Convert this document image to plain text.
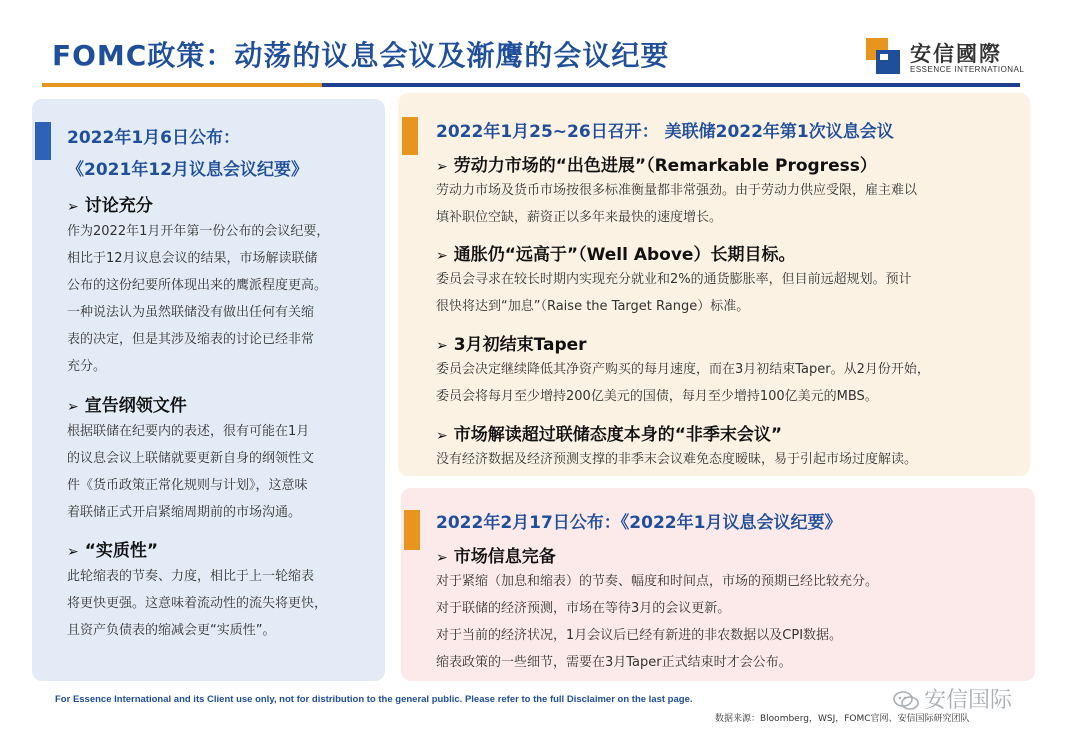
FOMC政策：动荡的议息会议及渐鹰的会议纪要	安信國際
ESSENCE INTERNATIONAL
2022年1月6日公布：
《2021年12月议息会议纪要》
➢ 讨论充分

作为2022年1月开年第一份公布的会议纪要，

相比于12月议息会议的结果，市场解读联储

公布的这份纪要所体现出来的鹰派程度更高。

一种说法认为虽然联储没有做出任何有关缩

表的决定，但是其涉及缩表的讨论已经非常

充分。

➢ 宣告纲领文件

根据联储在纪要内的表述，很有可能在1月

的议息会议上联储就要更新自身的纲领性文

件《货币政策正常化规则与计划》，这意味

着联储正式开启紧缩周期前的市场沟通。

➢ “实质性”

此轮缩表的节奏、力度，相比于上一轮缩表

将更快更强。这意味着流动性的流失将更快，

且资产负债表的缩减会更“实质性”。

2022年1月25~26日召开： 美联储2022年第1次议息会议
➢ 劳动力市场的“出色进展”（Remarkable Progress）

劳动力市场及货币市场按很多标准衡量都非常强劲。由于劳动力供应受限，雇主难以

填补职位空缺，薪资正以多年来最快的速度增长。

➢ 通胀仍“远高于”（Well Above）长期目标。

委员会寻求在较长时期内实现充分就业和2%的通货膨胀率，但目前远超规划。预计

很快将达到“加息”（Raise the Target Range）标准。

➢ 3月初结束Taper

委员会决定继续降低其净资产购买的每月速度，而在3月初结束Taper。从2月份开始，

委员会将每月至少增持200亿美元的国债，每月至少增持100亿美元的MBS。

➢ 市场解读超过联储态度本身的“非季末会议”

没有经济数据及经济预测支撑的非季末会议难免态度暧昧，易于引起市场过度解读。

2022年2月17日公布：《2022年1月议息会议纪要》
➢ 市场信息完备

对于紧缩（加息和缩表）的节奏、幅度和时间点，市场的预期已经比较充分。

对于联储的经济预测，市场在等待3月的会议更新。

对于当前的经济状况，1月会议后已经有新进的非农数据以及CPI数据。

缩表政策的一些细节，需要在3月Taper正式结束时才会公布。

For Essence International and its Client use only, not for distribution to the general public. Please refer to the full Disclaimer on the last page.	安信国际
数据来源：Bloomberg，WSJ，FOMC官网、安信国际研究团队
